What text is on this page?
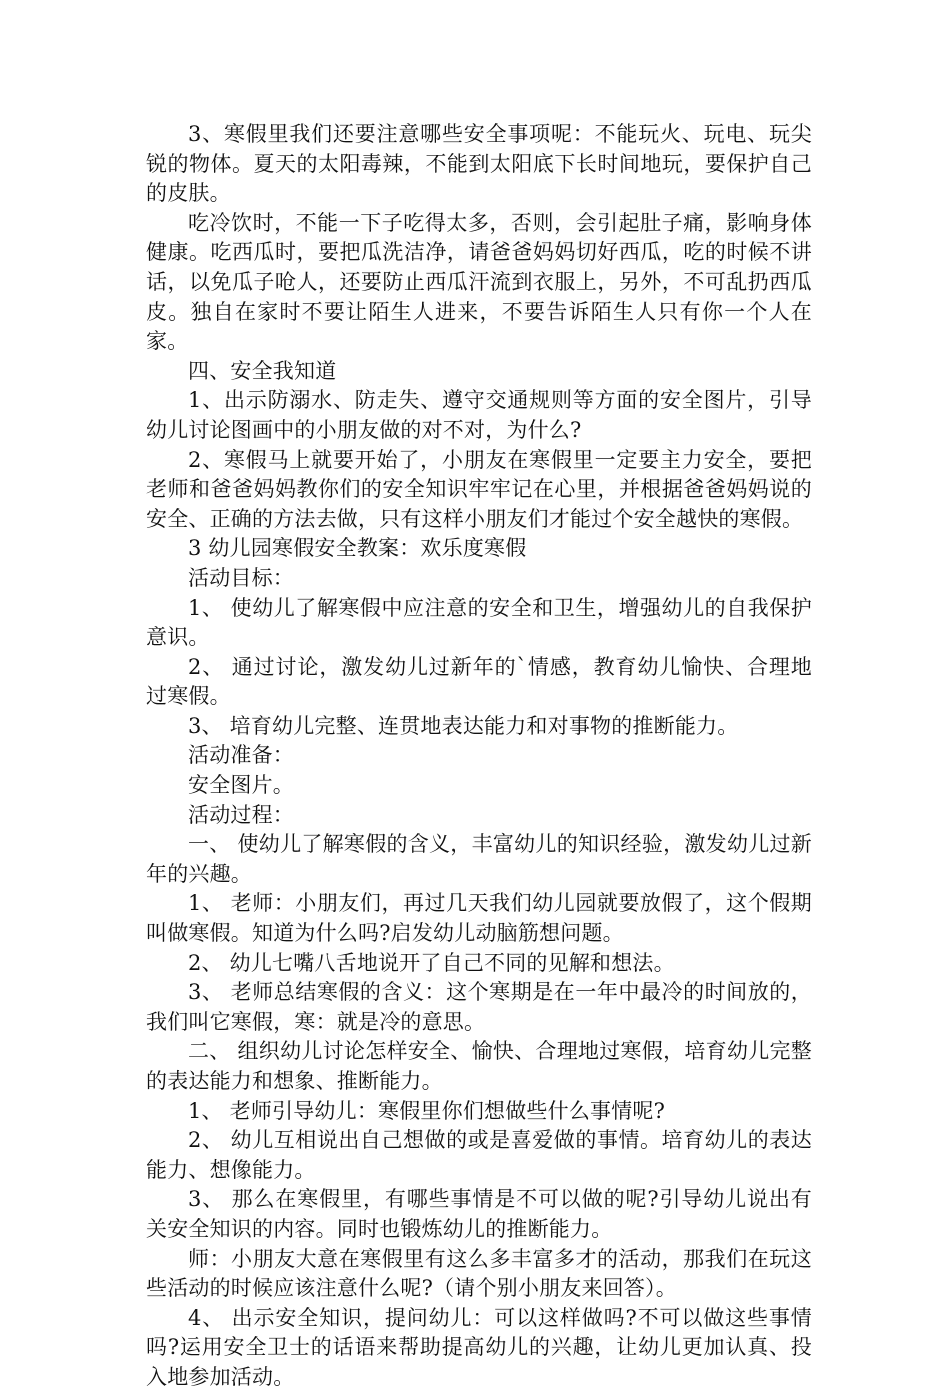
3、寒假里我们还要注意哪些安全事项呢：不能玩火、玩电、玩尖锐的物体。夏天的太阳毒辣，不能到太阳底下长时间地玩，要保护自己的皮肤。

吃冷饮时，不能一下子吃得太多，否则，会引起肚子痛，影响身体健康。吃西瓜时，要把瓜洗洁净，请爸爸妈妈切好西瓜，吃的时候不讲话，以免瓜子呛人，还要防止西瓜汗流到衣服上，另外，不可乱扔西瓜皮。独自在家时不要让陌生人进来，不要告诉陌生人只有你一个人在家。

四、安全我知道

1、出示防溺水、防走失、遵守交通规则等方面的安全图片，引导幼儿讨论图画中的小朋友做的对不对，为什么?

2、寒假马上就要开始了，小朋友在寒假里一定要主力安全，要把老师和爸爸妈妈教你们的安全知识牢牢记在心里，并根据爸爸妈妈说的安全、正确的方法去做，只有这样小朋友们才能过个安全越快的寒假。

3 幼儿园寒假安全教案：欢乐度寒假

活动目标：

1、 使幼儿了解寒假中应注意的安全和卫生，增强幼儿的自我保护意识。

2、 通过讨论，激发幼儿过新年的`情感，教育幼儿愉快、合理地过寒假。

3、 培育幼儿完整、连贯地表达能力和对事物的推断能力。

活动准备：

安全图片。

活动过程：

一、 使幼儿了解寒假的含义，丰富幼儿的知识经验，激发幼儿过新年的兴趣。

1、 老师：小朋友们，再过几天我们幼儿园就要放假了，这个假期叫做寒假。知道为什么吗?启发幼儿动脑筋想问题。

2、 幼儿七嘴八舌地说开了自己不同的见解和想法。

3、 老师总结寒假的含义：这个寒期是在一年中最冷的时间放的，我们叫它寒假，寒：就是冷的意思。

二、 组织幼儿讨论怎样安全、愉快、合理地过寒假，培育幼儿完整的表达能力和想象、推断能力。

1、 老师引导幼儿：寒假里你们想做些什么事情呢?

2、 幼儿互相说出自己想做的或是喜爱做的事情。培育幼儿的表达能力、想像能力。

3、 那么在寒假里，有哪些事情是不可以做的呢?引导幼儿说出有关安全知识的内容。同时也锻炼幼儿的推断能力。

师：小朋友大意在寒假里有这么多丰富多才的活动，那我们在玩这些活动的时候应该注意什么呢?（请个别小朋友来回答）。

4、 出示安全知识，提问幼儿：可以这样做吗?不可以做这些事情吗?运用安全卫士的话语来帮助提高幼儿的兴趣，让幼儿更加认真、投入地参加活动。
